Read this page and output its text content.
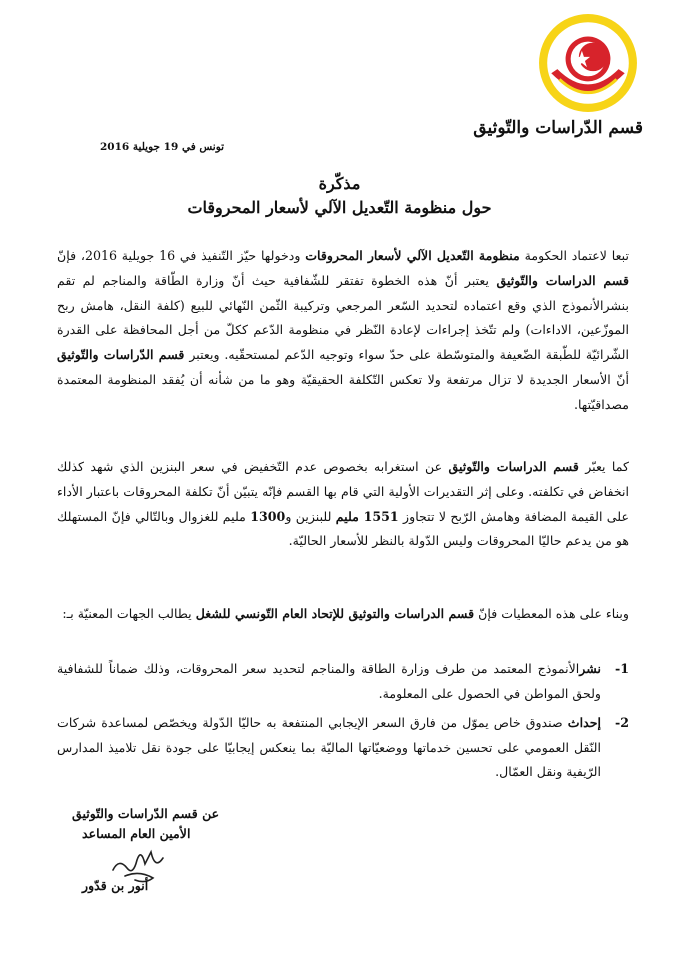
قسم الدّراسات والتّوثيق
تونس في 19 جويلية 2016
مذكّرة
حول منظومة التّعديل الآلي لأسعار المحروقات

تبعا لاعتماد الحكومة منظومة التّعديل الآلي لأسعار المحروقات ودخولها حيّز التّنفيذ في 16 جويلية 2016، فإنّ قسم الدراسات والتّوثيق يعتبر أنّ هذه الخطوة تفتقر للشّفافية حيث أنّ وزارة الطّاقة والمناجم لم تقم بنشرالأنموذج الذي وقع اعتماده لتحديد السّعر المرجعي وتركيبة الثّمن النّهائي للبيع (كلفة النقل، هامش ربح الموزّعين، الاداءات) ولم تتّخذ إجراءات لإعادة النّظر في منظومة الدّعم ككلّ من أجل المحافظة على القدرة الشّرائيّة للطّبقة الضّعيفة والمتوسّطة على حدّ سواء وتوجيه الدّعم لمستحقّيه. ويعتبر قسم الدّراسات والتّوثيق أنّ الأسعار الجديدة لا تزال مرتفعة ولا تعكس التّكلفة الحقيقيّة وهو ما من شأنه أن يُفقد المنظومة المعتمدة مصداقيّتها.

كما يعبّر قسم الدراسات والتّوثيق عن استغرابه بخصوص عدم التّخفيض في سعر البنزين الذي شهد كذلك انخفاض في تكلفته. وعلى إثر التقديرات الأولية التي قام بها القسم فإنّه يتبيّن أنّ تكلفة المحروقات باعتبار الأداء على القيمة المضافة وهامش الرّبح لا تتجاوز 1551 مليم للبنزين و1300 مليم للغزوال وبالتّالي فإنّ المستهلك هو من يدعم حاليّا المحروقات وليس الدّولة بالنظر للأسعار الحاليّة.

وبناء على هذه المعطيات فإنّ قسم الدراسات والتوثيق للإتحاد العام التّونسي للشغل يطالب الجهات المعنيّة بـ:

1-
نشرالأنموذج المعتمد من طرف وزارة الطاقة والمناجم لتحديد سعر المحروقات، وذلك ضماناً للشفافية ولحق المواطن في الحصول على المعلومة.
2-
إحداث صندوق خاص يموّل من فارق السعر الإيجابي المنتفعة به حاليّا الدّولة ويخصّص لمساعدة شركات النّقل العمومي على تحسين خدماتها ووضعيّاتها الماليّة بما ينعكس إيجابيّا على جودة نقل تلاميذ المدارس الرّيفية ونقل العمّال.
عن قسم الدّراسات والتّوثيق
الأمين العام المساعد
أنور بن قدّور
